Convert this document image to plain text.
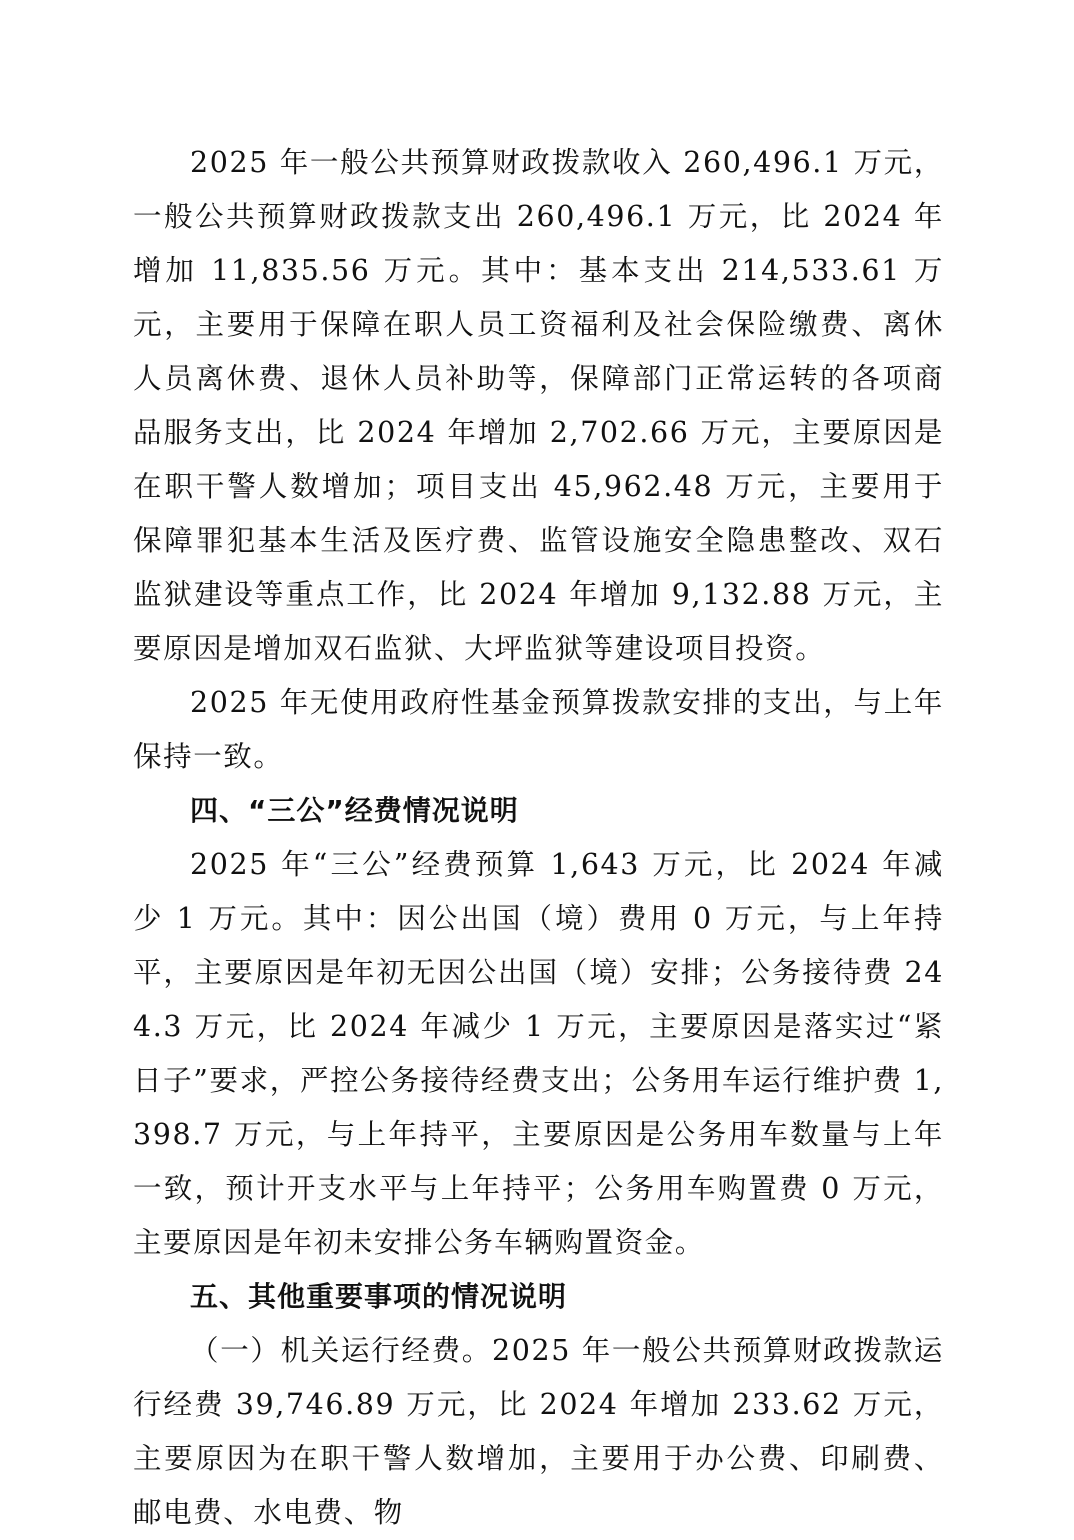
2025 年一般公共预算财政拨款收入 260,496.1 万元，一般公共预算财政拨款支出 260,496.1 万元，比 2024 年增加 11,835.56 万元。其中：基本支出 214,533.61 万元，主要用于保障在职人员工资福利及社会保险缴费、离休人员离休费、退休人员补助等，保障部门正常运转的各项商品服务支出，比 2024 年增加 2,702.66 万元，主要原因是在职干警人数增加；项目支出 45,962.48 万元，主要用于保障罪犯基本生活及医疗费、监管设施安全隐患整改、双石监狱建设等重点工作，比 2024 年增加 9,132.88 万元，主要原因是增加双石监狱、大坪监狱等建设项目投资。

2025 年无使用政府性基金预算拨款安排的支出，与上年保持一致。

四、“三公”经费情况说明

2025 年“三公”经费预算 1,643 万元，比 2024 年减少 1 万元。其中：因公出国（境）费用 0 万元，与上年持平，主要原因是年初无因公出国（境）安排；公务接待费 244.3 万元，比 2024 年减少 1 万元，主要原因是落实过“紧日子”要求，严控公务接待经费支出；公务用车运行维护费 1,398.7 万元，与上年持平，主要原因是公务用车数量与上年一致，预计开支水平与上年持平；公务用车购置费 0 万元，主要原因是年初未安排公务车辆购置资金。

五、其他重要事项的情况说明

（一）机关运行经费。2025 年一般公共预算财政拨款运行经费 39,746.89 万元，比 2024 年增加 233.62 万元，主要原因为在职干警人数增加，主要用于办公费、印刷费、邮电费、水电费、物
